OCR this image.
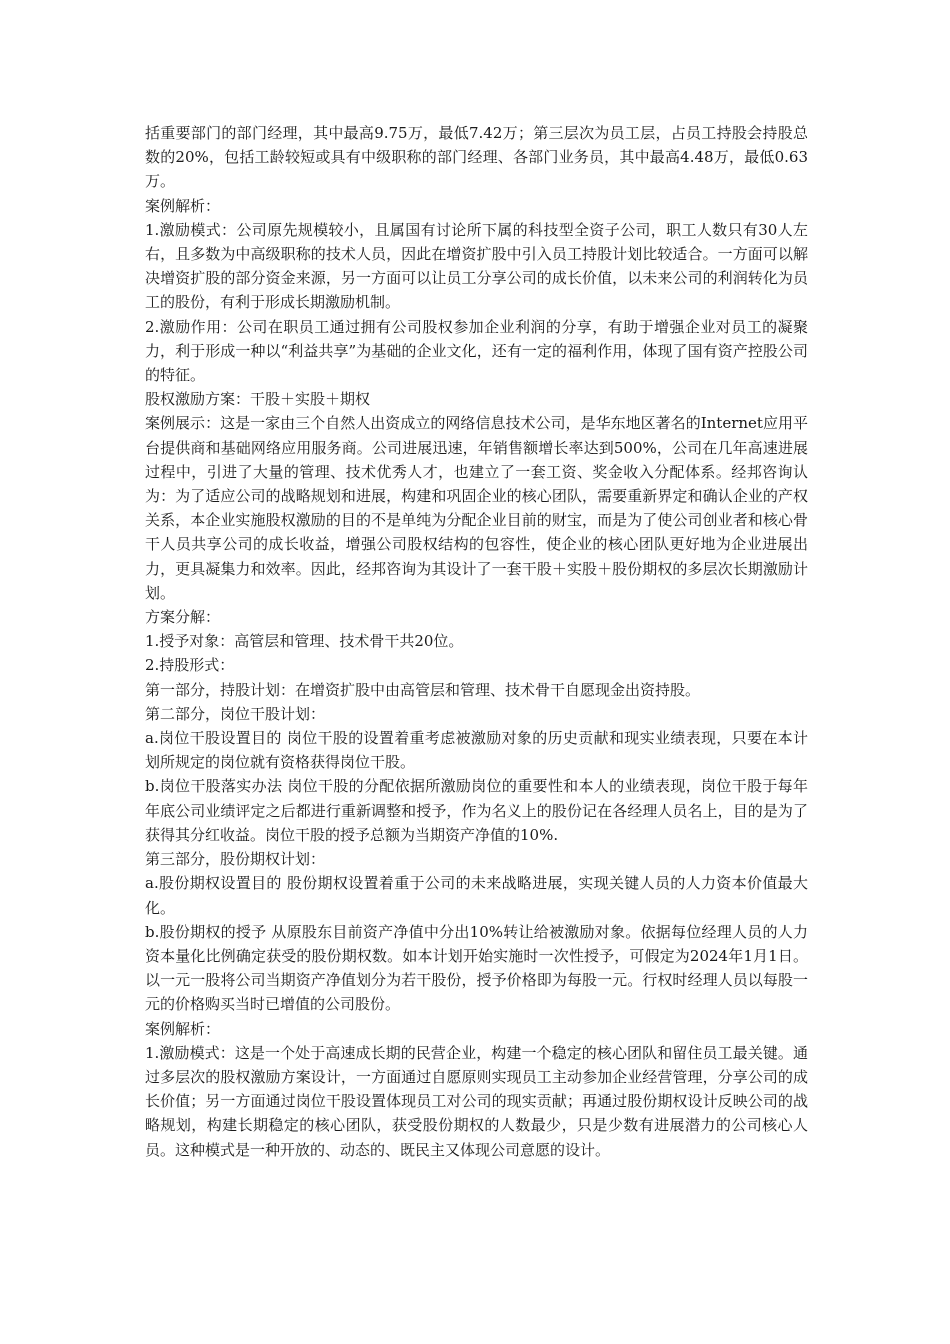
括重要部门的部门经理，其中最高9.75万，最低7.42万；第三层次为员工层，占员工持股会持股总数的20%，包括工龄较短或具有中级职称的部门经理、各部门业务员，其中最高4.48万，最低0.63万。

案例解析：

1.激励模式：公司原先规模较小，且属国有讨论所下属的科技型全资子公司，职工人数只有30人左右，且多数为中高级职称的技术人员，因此在增资扩股中引入员工持股计划比较适合。一方面可以解决增资扩股的部分资金来源，另一方面可以让员工分享公司的成长价值，以未来公司的利润转化为员工的股份，有利于形成长期激励机制。

2.激励作用：公司在职员工通过拥有公司股权参加企业利润的分享，有助于增强企业对员工的凝聚力，利于形成一种以“利益共享”为基础的企业文化，还有一定的福利作用，体现了国有资产控股公司的特征。

股权激励方案：干股＋实股＋期权

案例展示：这是一家由三个自然人出资成立的网络信息技术公司，是华东地区著名的Internet应用平台提供商和基础网络应用服务商。公司进展迅速，年销售额增长率达到500%，公司在几年高速进展过程中，引进了大量的管理、技术优秀人才，也建立了一套工资、奖金收入分配体系。经邦咨询认为：为了适应公司的战略规划和进展，构建和巩固企业的核心团队，需要重新界定和确认企业的产权关系，本企业实施股权激励的目的不是单纯为分配企业目前的财宝，而是为了使公司创业者和核心骨干人员共享公司的成长收益，增强公司股权结构的包容性，使企业的核心团队更好地为企业进展出力，更具凝集力和效率。因此，经邦咨询为其设计了一套干股＋实股＋股份期权的多层次长期激励计划。

方案分解：

1.授予对象：高管层和管理、技术骨干共20位。

2.持股形式：

第一部分，持股计划：在增资扩股中由高管层和管理、技术骨干自愿现金出资持股。

第二部分，岗位干股计划：

a.岗位干股设置目的 岗位干股的设置着重考虑被激励对象的历史贡献和现实业绩表现，只要在本计划所规定的岗位就有资格获得岗位干股。

b.岗位干股落实办法 岗位干股的分配依据所激励岗位的重要性和本人的业绩表现，岗位干股于每年年底公司业绩评定之后都进行重新调整和授予，作为名义上的股份记在各经理人员名上，目的是为了获得其分红收益。岗位干股的授予总额为当期资产净值的10%.

第三部分，股份期权计划：

a.股份期权设置目的 股份期权设置着重于公司的未来战略进展，实现关键人员的人力资本价值最大化。

b.股份期权的授予 从原股东目前资产净值中分出10%转让给被激励对象。依据每位经理人员的人力资本量化比例确定获受的股份期权数。如本计划开始实施时一次性授予，可假定为2024年1月1日。以一元一股将公司当期资产净值划分为若干股份，授予价格即为每股一元。行权时经理人员以每股一元的价格购买当时已增值的公司股份。

案例解析：

1.激励模式：这是一个处于高速成长期的民营企业，构建一个稳定的核心团队和留住员工最关键。通过多层次的股权激励方案设计，一方面通过自愿原则实现员工主动参加企业经营管理，分享公司的成长价值；另一方面通过岗位干股设置体现员工对公司的现实贡献；再通过股份期权设计反映公司的战略规划，构建长期稳定的核心团队，获受股份期权的人数最少，只是少数有进展潜力的公司核心人员。这种模式是一种开放的、动态的、既民主又体现公司意愿的设计。
